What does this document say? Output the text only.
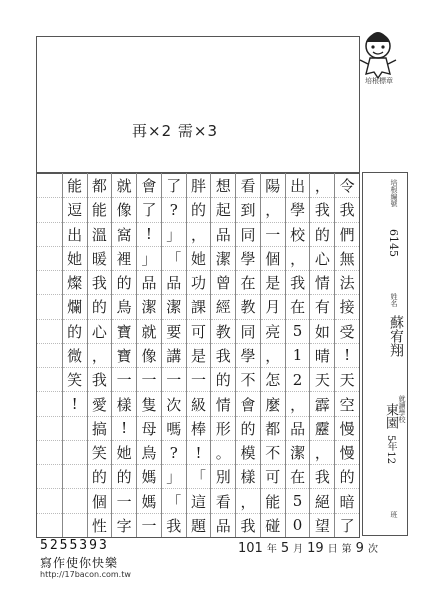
再×2 需×3
培根標章
令
我
們
無
法
接
受
!
天
空
慢
慢
的
暗
了
，
我
的
心
情
有
如
晴
天
霹
靂
，
我
絕
望
出
學
校
，
我
在
5
1
2
，
品
潔
在
5
0
陽
，
一
個
是
月
亮
，
怎
麼
都
不
可
能
碰
看
到
同
學
在
教
同
學
不
會
的
模
樣
，
我
想
起
品
潔
曾
經
教
我
的
情
形
。
別
看
品
胖
的
，
她
功
課
可
是
一
級
棒
!
「
這
題
了
?
」
「
品
潔
要
講
一
次
嗎
?
」
「
我
會
了
!
」
品
潔
就
像
一
隻
母
鳥
媽
媽
一
就
像
窩
裡
的
鳥
寶
寶
一
樣
!
她
的
一
字
都
能
溫
暖
我
的
心
，
我
愛
搞
笑
的
個
性
能
逗
出
她
燦
爛
的
微
笑
!
培根編號
6145
姓名
蘇宥翔
就讀學校
東園
5年12
班
5255393
寫作使你快樂
http://17bacon.com.tw
101 年 5 月 19 日 第 9 次
